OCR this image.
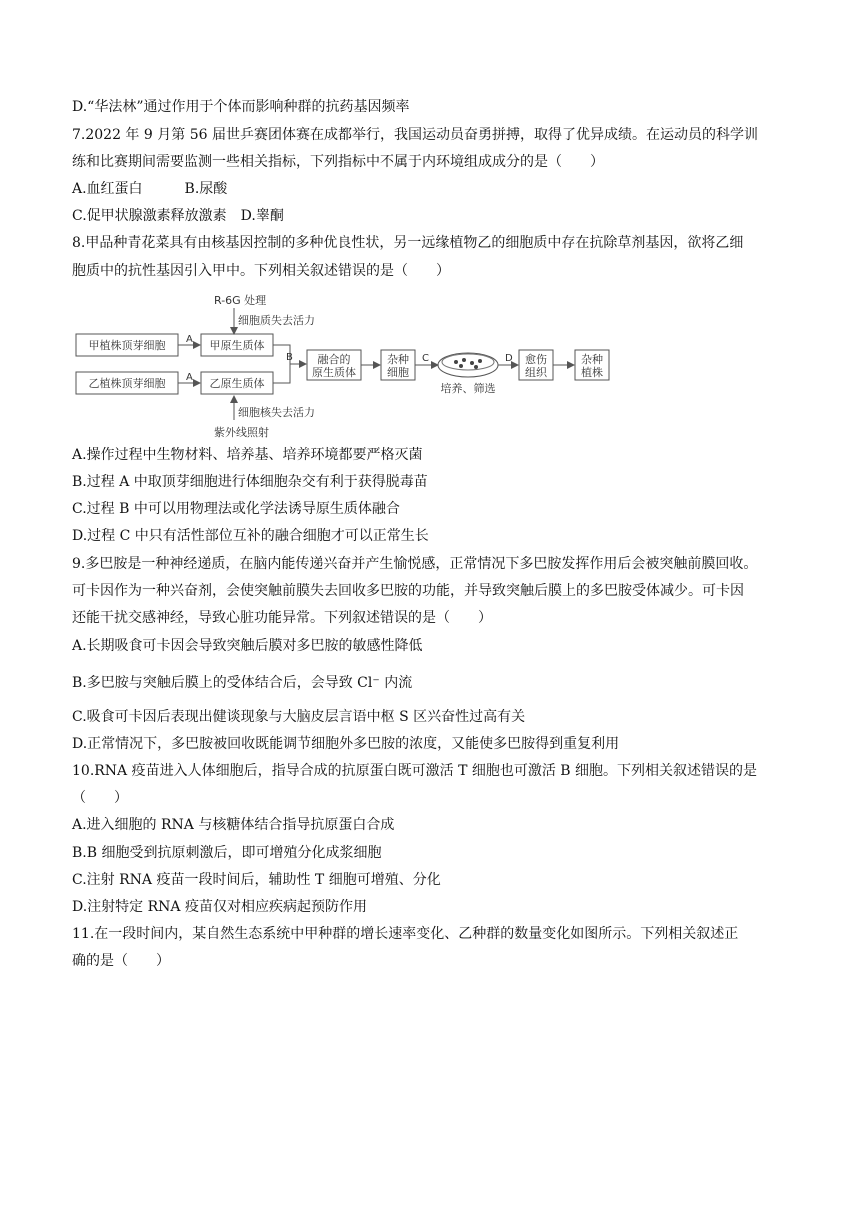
D.“华法林”通过作用于个体而影响种群的抗药基因频率
7.2022 年 9 月第 56 届世乒赛团体赛在成都举行，我国运动员奋勇拼搏，取得了优异成绩。在运动员的科学训
练和比赛期间需要监测一些相关指标，下列指标中不属于内环境组成成分的是（　　）
A.血红蛋白　　　B.尿酸
C.促甲状腺激素释放激素　D.睾酮
8.甲品种青花菜具有由核基因控制的多种优良性状，另一远缘植物乙的细胞质中存在抗除草剂基因，欲将乙细
胞质中的抗性基因引入甲中。下列相关叙述错误的是（　　）
R-6G 处理
细胞质失去活力
甲植株顶芽细胞 A 甲原生质体
乙植株顶芽细胞 A 乙原生质体
细胞核失去活力
紫外线照射
B 融合的
原生质体
杂种
细胞
C
培养、筛选
D 愈伤
组织
杂种
植株
A.操作过程中生物材料、培养基、培养环境都要严格灭菌
B.过程 A 中取顶芽细胞进行体细胞杂交有利于获得脱毒苗
C.过程 B 中可以用物理法或化学法诱导原生质体融合
D.过程 C 中只有活性部位互补的融合细胞才可以正常生长
9.多巴胺是一种神经递质，在脑内能传递兴奋并产生愉悦感，正常情况下多巴胺发挥作用后会被突触前膜回收。
可卡因作为一种兴奋剂，会使突触前膜失去回收多巴胺的功能，并导致突触后膜上的多巴胺受体减少。可卡因
还能干扰交感神经，导致心脏功能异常。下列叙述错误的是（　　）
A.长期吸食可卡因会导致突触后膜对多巴胺的敏感性降低
B.多巴胺与突触后膜上的受体结合后，会导致 Cl⁻ 内流
C.吸食可卡因后表现出健谈现象与大脑皮层言语中枢 S 区兴奋性过高有关
D.正常情况下，多巴胺被回收既能调节细胞外多巴胺的浓度，又能使多巴胺得到重复利用
10.RNA 疫苗进入人体细胞后，指导合成的抗原蛋白既可激活 T 细胞也可激活 B 细胞。下列相关叙述错误的是
（　　）
A.进入细胞的 RNA 与核糖体结合指导抗原蛋白合成
B.B 细胞受到抗原刺激后，即可增殖分化成浆细胞
C.注射 RNA 疫苗一段时间后，辅助性 T 细胞可增殖、分化
D.注射特定 RNA 疫苗仅对相应疾病起预防作用
11.在一段时间内，某自然生态系统中甲种群的增长速率变化、乙种群的数量变化如图所示。下列相关叙述正
确的是（　　）
